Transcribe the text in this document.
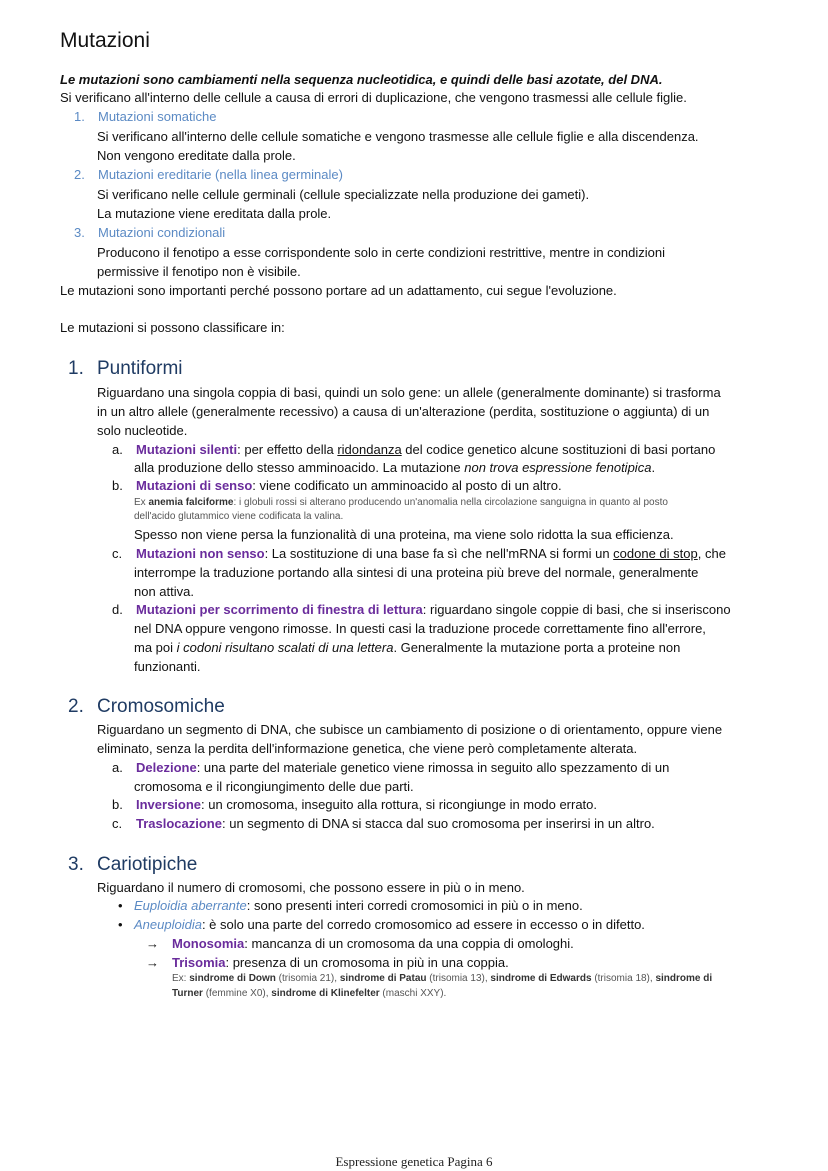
Mutazioni
Le mutazioni sono cambiamenti nella sequenza nucleotidica, e quindi delle basi azotate, del DNA.
Si verificano all'interno delle cellule a causa di errori di duplicazione, che vengono trasmessi alle cellule figlie.
1. Mutazioni somatiche
Si verificano all'interno delle cellule somatiche e vengono trasmesse alle cellule figlie e alla discendenza.
Non vengono ereditate dalla prole.
2. Mutazioni ereditarie (nella linea germinale)
Si verificano nelle cellule germinali (cellule specializzate nella produzione dei gameti).
La mutazione viene ereditata dalla prole.
3. Mutazioni condizionali
Producono il fenotipo a esse corrispondente solo in certe condizioni restrittive, mentre in condizioni
permissive il fenotipo non è visibile.
Le mutazioni sono importanti perché possono portare ad un adattamento, cui segue l'evoluzione.
Le mutazioni si possono classificare in:
1. Puntiformi
Riguardano una singola coppia di basi, quindi un solo gene: un allele (generalmente dominante) si trasforma
in un altro allele (generalmente recessivo) a causa di un'alterazione (perdita, sostituzione o aggiunta) di un
solo nucleotide.
a. Mutazioni silenti: per effetto della ridondanza del codice genetico alcune sostituzioni di basi portano
alla produzione dello stesso amminoacido. La mutazione non trova espressione fenotipica.
b. Mutazioni di senso: viene codificato un amminoacido al posto di un altro.
Ex anemia falciforme: i globuli rossi si alterano producendo un'anomalia nella circolazione sanguigna in quanto al posto
dell'acido glutammico viene codificata la valina.
Spesso non viene persa la funzionalità di una proteina, ma viene solo ridotta la sua efficienza.
c. Mutazioni non senso: La sostituzione di una base fa sì che nell'mRNA si formi un codone di stop, che
interrompe la traduzione portando alla sintesi di una proteina più breve del normale, generalmente
non attiva.
d. Mutazioni per scorrimento di finestra di lettura: riguardano singole coppie di basi, che si inseriscono
nel DNA oppure vengono rimosse. In questi casi la traduzione procede correttamente fino all'errore,
ma poi i codoni risultano scalati di una lettera. Generalmente la mutazione porta a proteine non
funzionanti.
2. Cromosomiche
Riguardano un segmento di DNA, che subisce un cambiamento di posizione o di orientamento, oppure viene
eliminato, senza la perdita dell'informazione genetica, che viene però completamente alterata.
a. Delezione: una parte del materiale genetico viene rimossa in seguito allo spezzamento di un
cromosoma e il ricongiungimento delle due parti.
b. Inversione: un cromosoma, inseguito alla rottura, si ricongiunge in modo errato.
c. Traslocazione: un segmento di DNA si stacca dal suo cromosoma per inserirsi in un altro.
3. Cariotipiche
Riguardano il numero di cromosomi, che possono essere in più o in meno.
• Euploidia aberrante: sono presenti interi corredi cromosomici in più o in meno.
• Aneuploidia: è solo una parte del corredo cromosomico ad essere in eccesso o in difetto.
→ Monosomia: mancanza di un cromosoma da una coppia di omologhi.
→ Trisomia: presenza di un cromosoma in più in una coppia.
Ex: sindrome di Down (trisomia 21), sindrome di Patau (trisomia 13), sindrome di Edwards (trisomia 18), sindrome di
Turner (femmine X0), sindrome di Klinefelter (maschi XXY).
Espressione genetica Pagina 6
